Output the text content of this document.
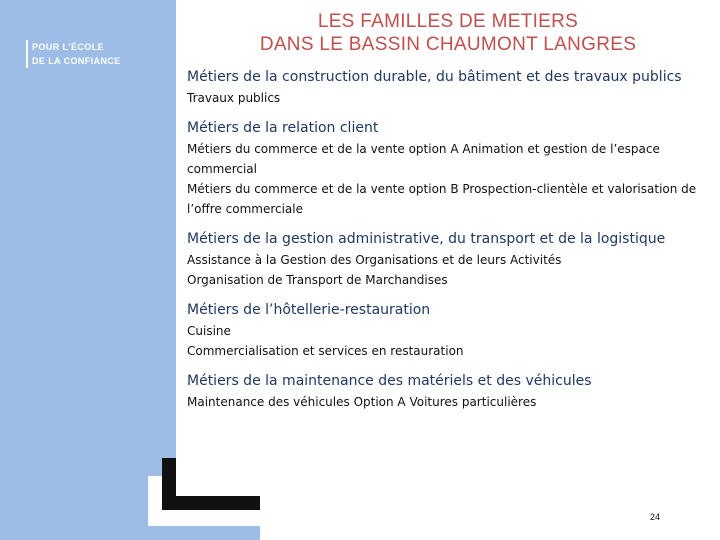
POUR L'ÉCOLE
DE LA CONFIANCE
LES FAMILLES DE METIERS
DANS LE BASSIN CHAUMONT LANGRES
Métiers de la construction durable, du bâtiment et des travaux publics
Travaux publics
Métiers de la relation client
Métiers du commerce et de la vente option A Animation et gestion de l’espace commercial
Métiers du commerce et de la vente option B Prospection-clientèle et valorisation de l’offre commerciale
Métiers de la gestion administrative, du transport et de la logistique
Assistance à la Gestion des Organisations et de leurs Activités
Organisation de Transport de Marchandises
Métiers de l’hôtellerie-restauration
Cuisine
Commercialisation et services en restauration
Métiers de la maintenance des matériels et des véhicules
Maintenance des véhicules Option A Voitures particulières
24
